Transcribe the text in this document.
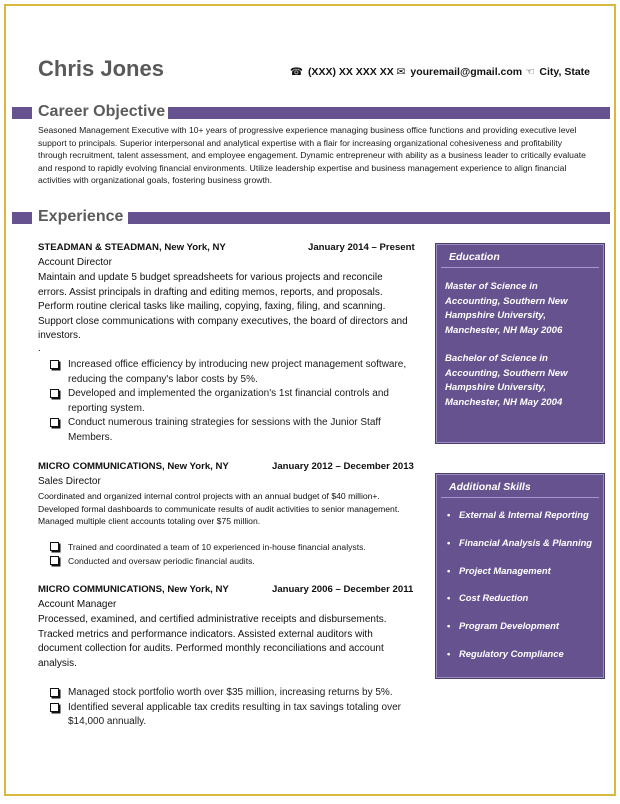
Chris Jones	☎ (XXX) XX XXX XX ✉ youremail@gmail.com ☜ City, State
Career Objective
Seasoned Management Executive with 10+ years of progressive experience managing business office functions and providing executive level support to principals. Superior interpersonal and analytical expertise with a flair for increasing organizational cohesiveness and profitability through recruitment, talent assessment, and employee engagement. Dynamic entrepreneur with ability as a business leader to critically evaluate and respond to rapidly evolving financial environments. Utilize leadership expertise and business management experience to align financial activities with organizational goals, fostering business growth.
Experience
STEADMAN & STEADMAN, New York, NY	January 2014 – Present
Account Director
Maintain and update 5 budget spreadsheets for various projects and reconcile errors. Assist principals in drafting and editing memos, reports, and proposals. Perform routine clerical tasks like mailing, copying, faxing, filing, and scanning. Support close communications with company executives, the board of directors and investors.
.
Increased office efficiency by introducing new project management software, reducing the company's labor costs by 5%.
Developed and implemented the organization's 1st financial controls and reporting system.
Conduct numerous training strategies for sessions with the Junior Staff Members.
MICRO COMMUNICATIONS, New York, NY	January 2012 – December 2013
Sales Director
Coordinated and organized internal control projects with an annual budget of $40 million+. Developed formal dashboards to communicate results of audit activities to senior management. Managed multiple client accounts totaling over $75 million.
Trained and coordinated a team of 10 experienced in-house financial analysts.
Conducted and oversaw periodic financial audits.
MICRO COMMUNICATIONS, New York, NY	January 2006 – December 2011
Account Manager
Processed, examined, and certified administrative receipts and disbursements. Tracked metrics and performance indicators. Assisted external auditors with document collection for audits. Performed monthly reconciliations and account analysis.
Managed stock portfolio worth over $35 million, increasing returns by 5%.
Identified several applicable tax credits resulting in tax savings totaling over $14,000 annually.
Education
Master of Science in Accounting, Southern New Hampshire University, Manchester, NH May 2006
Bachelor of Science in Accounting, Southern New Hampshire University, Manchester, NH May 2004
Additional Skills
• External & Internal Reporting
• Financial Analysis & Planning
• Project Management
• Cost Reduction
• Program Development
• Regulatory Compliance
